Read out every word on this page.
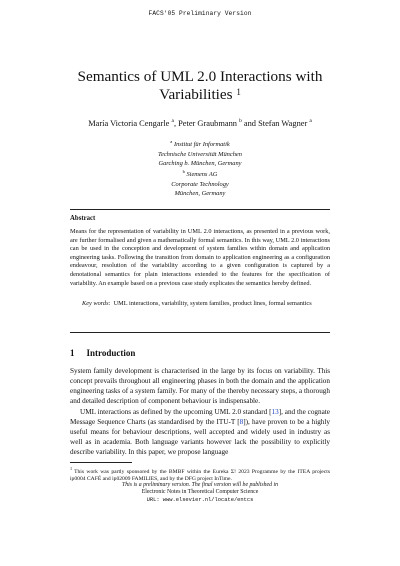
FACS'05 Preliminary Version
Semantics of UML 2.0 Interactions with
Variabilities $^1$
María Victoria Cengarle $^a$, Peter Graubmann $^b$ and Stefan Wagner $^a$
$^a$ Institut für Informatik
Technische Universität München
Garching b. München, Germany
$^b$ Siemens AG
Corporate Technology
München, Germany
Abstract
Means for the representation of variability in UML 2.0 interactions, as presented in a previous work, are further formalised and given a mathematically formal semantics. In this way, UML 2.0 interactions can be used in the conception and development of system families within domain and application engineering tasks. Following the transition from domain to application engineering as a configuration endeavour, resolution of the variability according to a given configuration is captured by a denotational semantics for plain interactions extended to the features for the specification of variability. An example based on a previous case study explicates the semantics hereby defined.
Key words: UML interactions, variability, system families, product lines, formal semantics
1 Introduction
System family development is characterised in the large by its focus on variability. This concept prevails throughout all engineering phases in both the domain and the application engineering tasks of a system family. For many of the thereby necessary steps, a thorough and detailed description of component behaviour is indispensable.
UML interactions as defined by the upcoming UML 2.0 standard [13], and the cognate Message Sequence Charts (as standardised by the ITU-T [8]), have proven to be a highly useful means for behaviour descriptions, well accepted and widely used in industry as well as in academia. Both language variants however lack the possibility to explicitly describe variability. In this paper, we propose language
$^1$This work was partly sponsored by the BMBF within the Eureka Σ! 2023 Programme by the ITEA projects ip0004 CAFÉ and ip02009 FAMILIES, and by the DFG project InTime.
This is a preliminary version. The final version will be published in
Electronic Notes in Theoretical Computer Science
URL: www.elsevier.nl/locate/entcs
